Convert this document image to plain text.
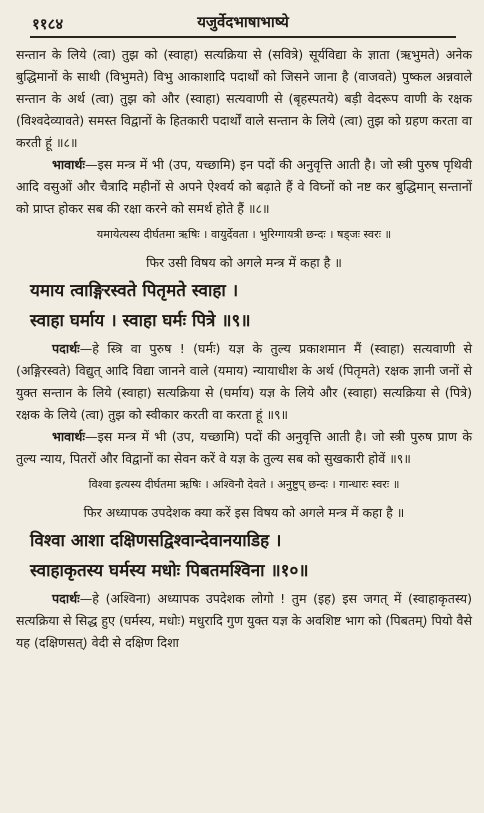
११८४	यजुर्वेदभाषाभाष्ये

सन्तान के लिये (त्वा) तुझ को (स्वाहा) सत्यक्रिया से (सवित्रे) सूर्यविद्या के ज्ञाता (ऋभुमते) अनेक बुद्धिमानों के साथी (विभुमते) विभु आकाशादि पदार्थों को जिसने जाना है (वाजवते) पुष्कल अन्नवाले सन्तान के अर्थ (त्वा) तुझ को और (स्वाहा) सत्यवाणी से (बृहस्पतये) बड़ी वेदरूप वाणी के रक्षक (विश्वदेव्यावते) समस्त विद्वानों के हितकारी पदार्थों वाले सन्तान के लिये (त्वा) तुझ को ग्रहण करता वा करती हूं ॥८॥

भावार्थः—इस मन्त्र में भी (उप, यच्छामि) इन पदों की अनुवृत्ति आती है। जो स्त्री पुरुष पृथिवी आदि वसुओं और चैत्रादि महीनों से अपने ऐश्वर्य को बढ़ाते हैं वे विघ्नों को नष्ट कर बुद्धिमान् सन्तानों को प्राप्त होकर सब की रक्षा करने को समर्थ होते हैं ॥८॥

यमायेत्यस्य दीर्घतमा ऋषिः । वायुर्देवता । भुरिग्गायत्री छन्दः । षड्जः स्वरः ॥

फिर उसी विषय को अगले मन्त्र में कहा है ॥

यमाय त्वाङ्गिरस्वते पितृमते स्वाहा ।

स्वाहा घर्माय । स्वाहा घर्मः पित्रे ॥९॥

पदार्थः—हे स्त्रि वा पुरुष ! (घर्मः) यज्ञ के तुल्य प्रकाशमान मैं (स्वाहा) सत्यवाणी से (अङ्गिरस्वते) विद्युत् आदि विद्या जानने वाले (यमाय) न्यायाधीश के अर्थ (पितृमते) रक्षक ज्ञानी जनों से युक्त सन्तान के लिये (स्वाहा) सत्यक्रिया से (घर्माय) यज्ञ के लिये और (स्वाहा) सत्यक्रिया से (पित्रे) रक्षक के लिये (त्वा) तुझ को स्वीकार करती वा करता हूं ॥९॥

भावार्थः—इस मन्त्र में भी (उप, यच्छामि) पदों की अनुवृत्ति आती है। जो स्त्री पुरुष प्राण के तुल्य न्याय, पितरों और विद्वानों का सेवन करें वे यज्ञ के तुल्य सब को सुखकारी होवें ॥९॥

विश्वा इत्यस्य दीर्घतमा ऋषिः । अश्विनौ देवते । अनुष्टुप् छन्दः । गान्धारः स्वरः ॥

फिर अध्यापक उपदेशक क्या करें इस विषय को अगले मन्त्र में कहा है ॥

विश्वा आशा दक्षिणसद्विश्वान्देवानयाडिह ।

स्वाहाकृतस्य घर्मस्य मधोः पिबतमश्विना ॥१०॥

पदार्थः—हे (अश्विना) अध्यापक उपदेशक लोगो ! तुम (इह) इस जगत् में (स्वाहाकृतस्य) सत्यक्रिया से सिद्ध हुए (घर्मस्य, मधोः) मधुरादि गुण युक्त यज्ञ के अवशिष्ट भाग को (पिबतम्) पियो वैसे यह (दक्षिणसत्) वेदी से दक्षिण दिशा
